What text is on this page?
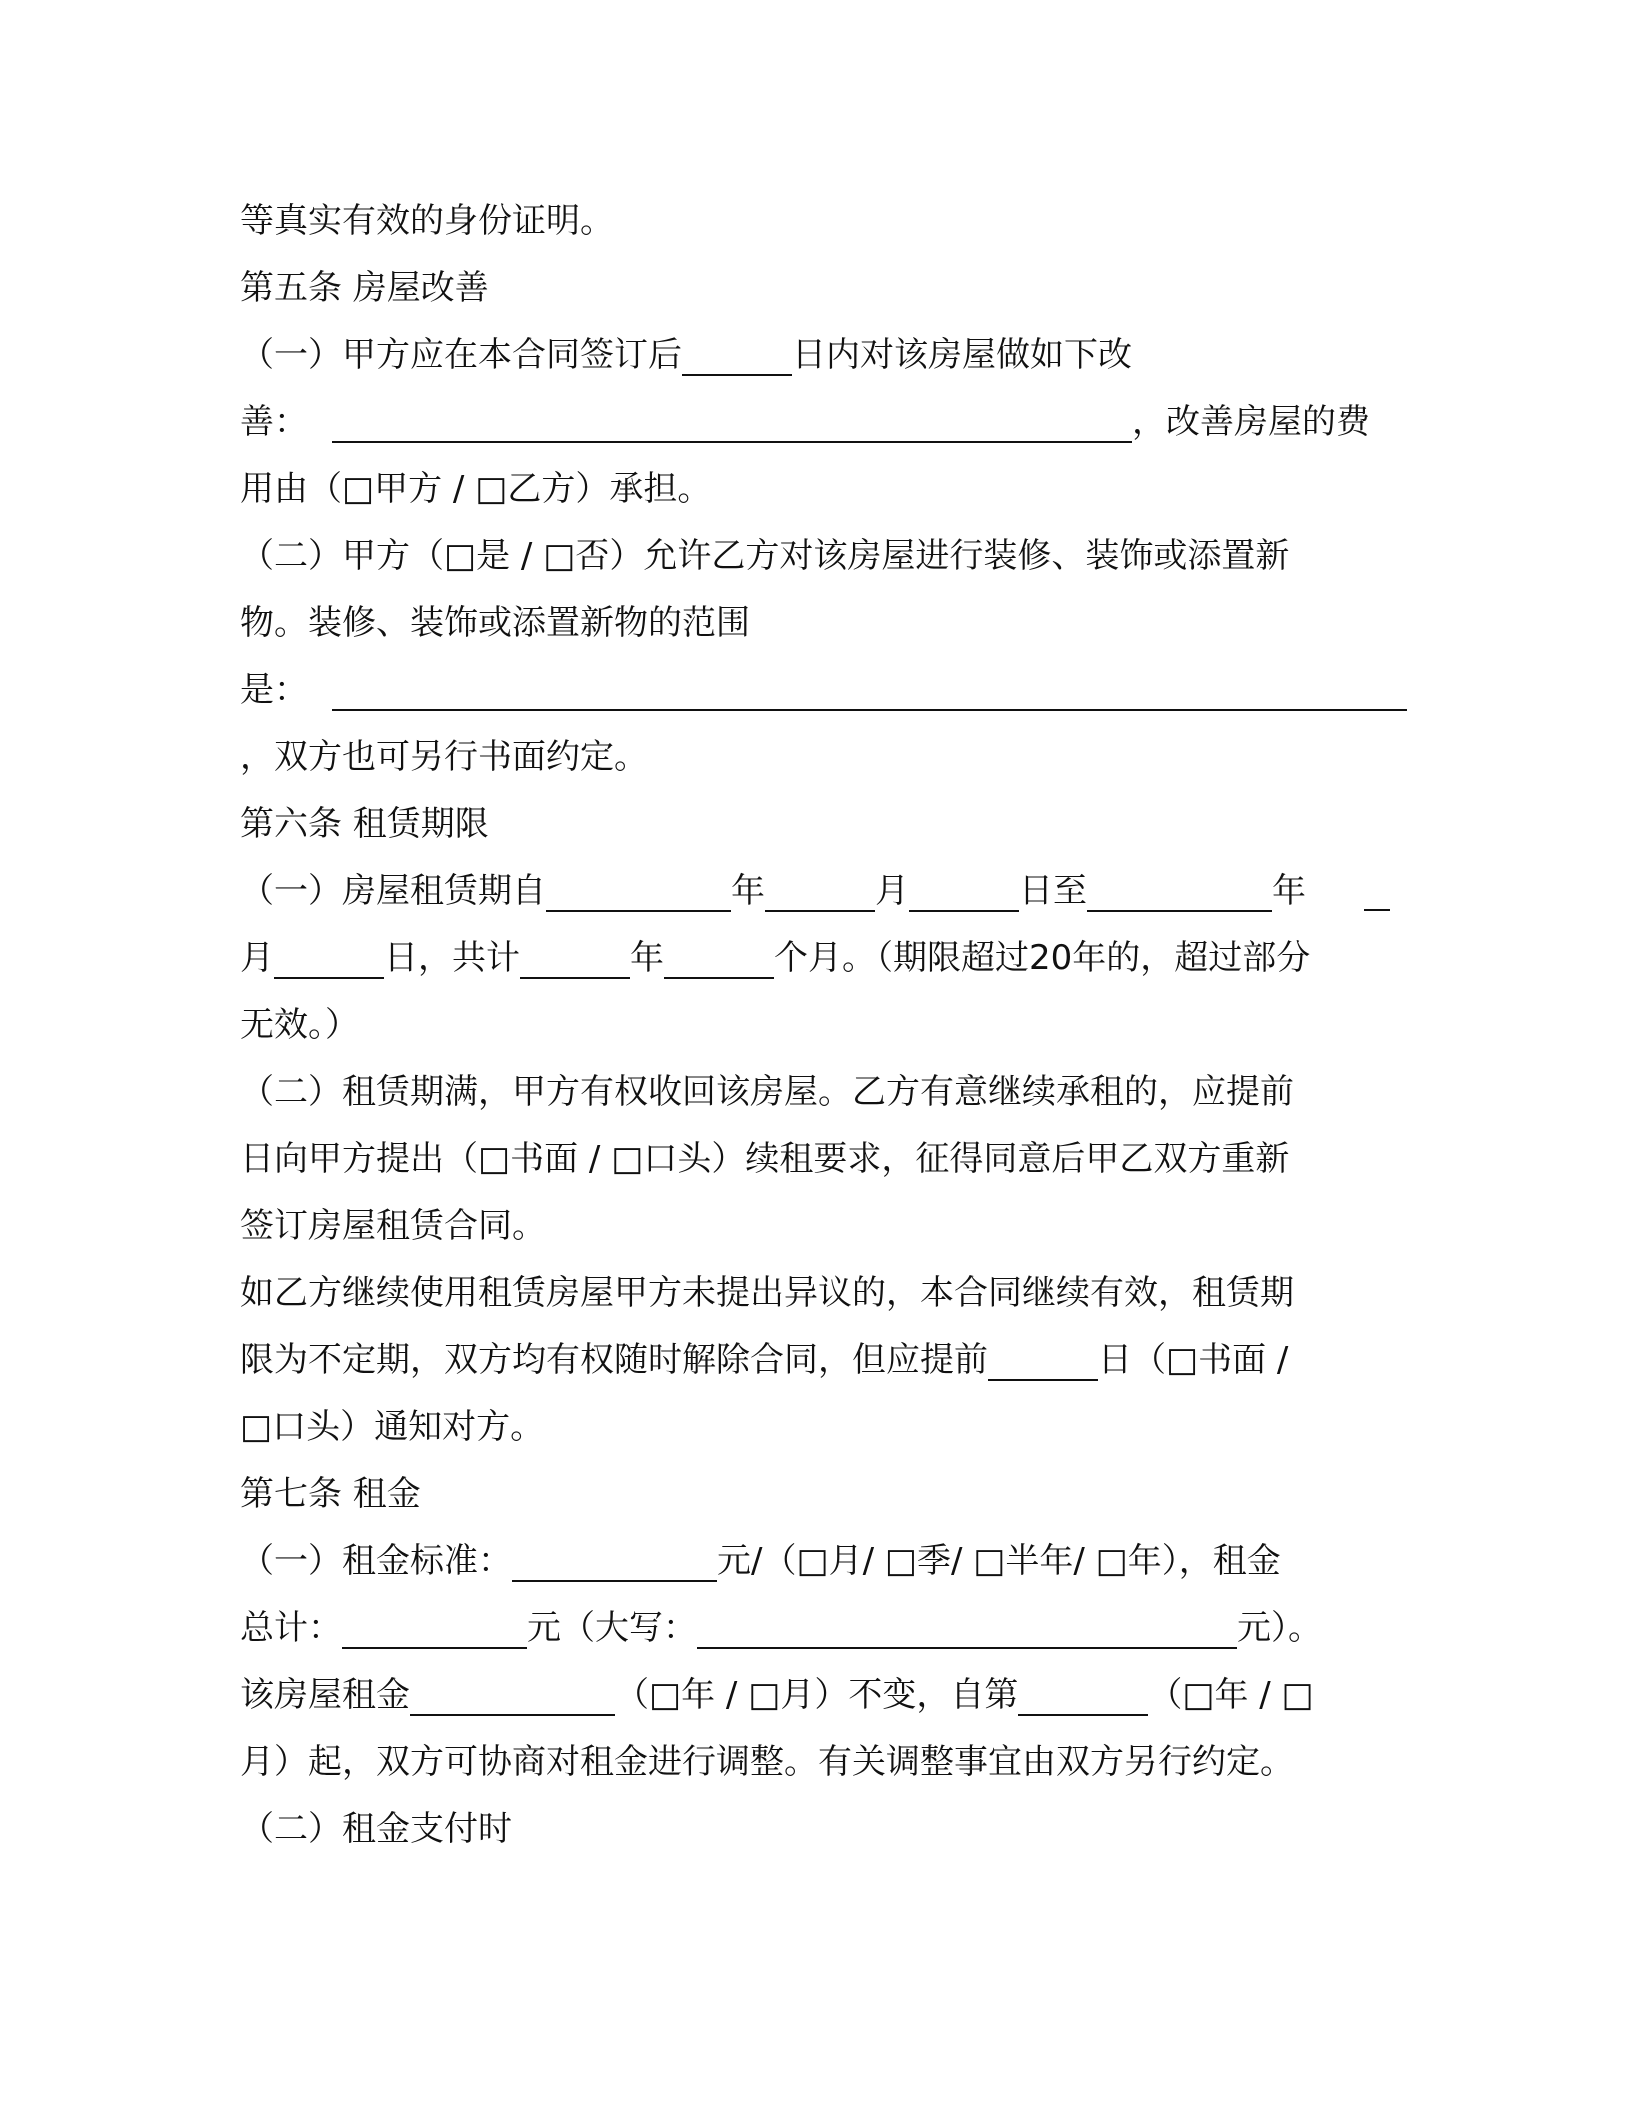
等真实有效的身份证明。
第五条 房屋改善
（一）甲方应在本合同签订后	日内对该房屋做如下改
善：	，改善房屋的费
用由（□甲方 / □乙方）承担。
（二）甲方（□是 / □否）允许乙方对该房屋进行装修、装饰或添置新
物。装修、装饰或添置新物的范围
是：
，双方也可另行书面约定。
第六条 租赁期限
（一）房屋租赁期自	年	月	日至	年
月	日，共计	年	个月。（期限超过20年的，超过部分
无效。）
（二）租赁期满，甲方有权收回该房屋。乙方有意继续承租的，应提前
日向甲方提出（□书面 / □口头）续租要求，征得同意后甲乙双方重新
签订房屋租赁合同。
如乙方继续使用租赁房屋甲方未提出异议的，本合同继续有效，租赁期
限为不定期，双方均有权随时解除合同，但应提前	日（□书面 /
□口头）通知对方。
第七条 租金
（一）租金标准：	元/（□月/ □季/ □半年/ □年），租金
总计：	元（大写：	元）。
该房屋租金	（□年 / □月）不变，自第	（□年 / □
月）起，双方可协商对租金进行调整。有关调整事宜由双方另行约定。
（二）租金支付时
